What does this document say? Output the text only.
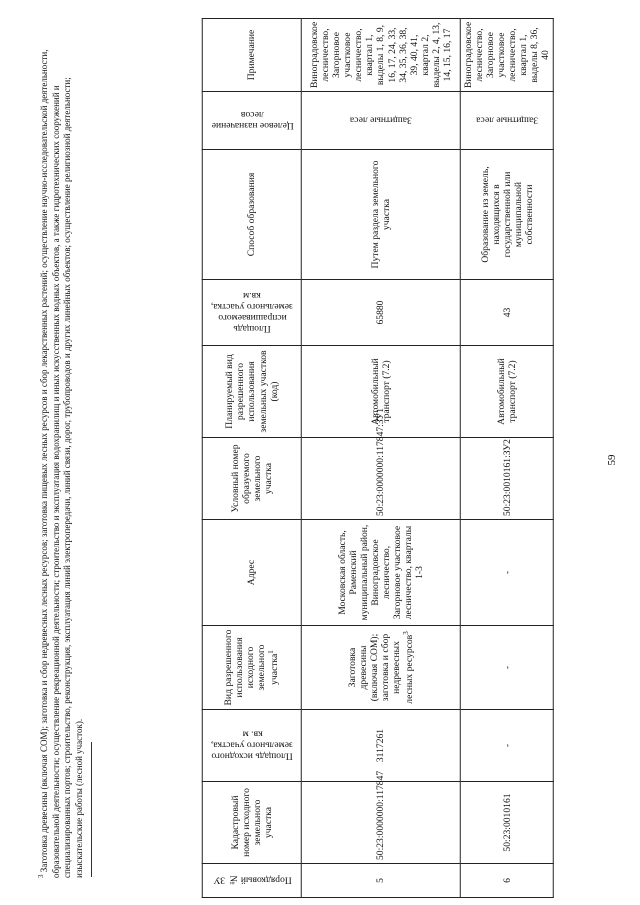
59
Порядковый № ЗУ	Кадастровый номер исходного земельного участка	Площадь исходного земельного участка, кв. м	Вид разрешенного использования исходного земельного участка$^1$	Адрес	Условный номер образуемого земельного участка	Планируемый вид разрешенного использования земельных участков (код)	Площадь испрашиваемого земельного участка, кв.м	Способ образования	Целевое назначение лесов	Примечание
5	50:23:0000000:117847	3117261	Заготовка древесины (включая СОМ); заготовка и сбор недревесных лесных ресурсов$^3$	Московская область, Раменский муниципальный район, Виноградовское лесничество, Загорновое участковое лесничество, кварталы 1-3	50:23:0000000:117847:ЗУ1	Автомобильный транспорт (7.2)	65880	Путем раздела земельного участка	Защитные леса	Виноградовское лесничество, Загорновое участковое лесничество, квартал 1, выделы 1, 8, 9, 16, 17, 24, 33, 34, 35, 36, 38, 39, 40, 41, квартал 2, выделы 2, 4, 13, 14, 15, 16, 17
6	50:23:0010161	-	-	-	50:23:0010161:ЗУ2	Автомобильный транспорт (7.2)	43	Образование из земель, находящихся в государственной или муниципальной собственности	Защитные леса	Виноградовское лесничество, Загорновое участковое лесничество, квартал 1, выделы 8, 36, 40
$^3$ Заготовка древесины (включая СОМ); заготовка и сбор недревесных лесных ресурсов; заготовка пищевых лесных ресурсов и сбор лекарственных растений; осуществление научно-исследовательской деятельности, образовательной деятельности; осуществление рекреационной деятельности; строительство и эксплуатация водохранилищ и иных искусственных водных объектов, а также гидротехнических сооружений и специализированных портов; строительство, реконструкция, эксплуатация линий электропередачи, линий связи, дорог, трубопроводов и других линейных объектов; осуществление религиозной деятельности; изыскательские работы (лесной участок).
